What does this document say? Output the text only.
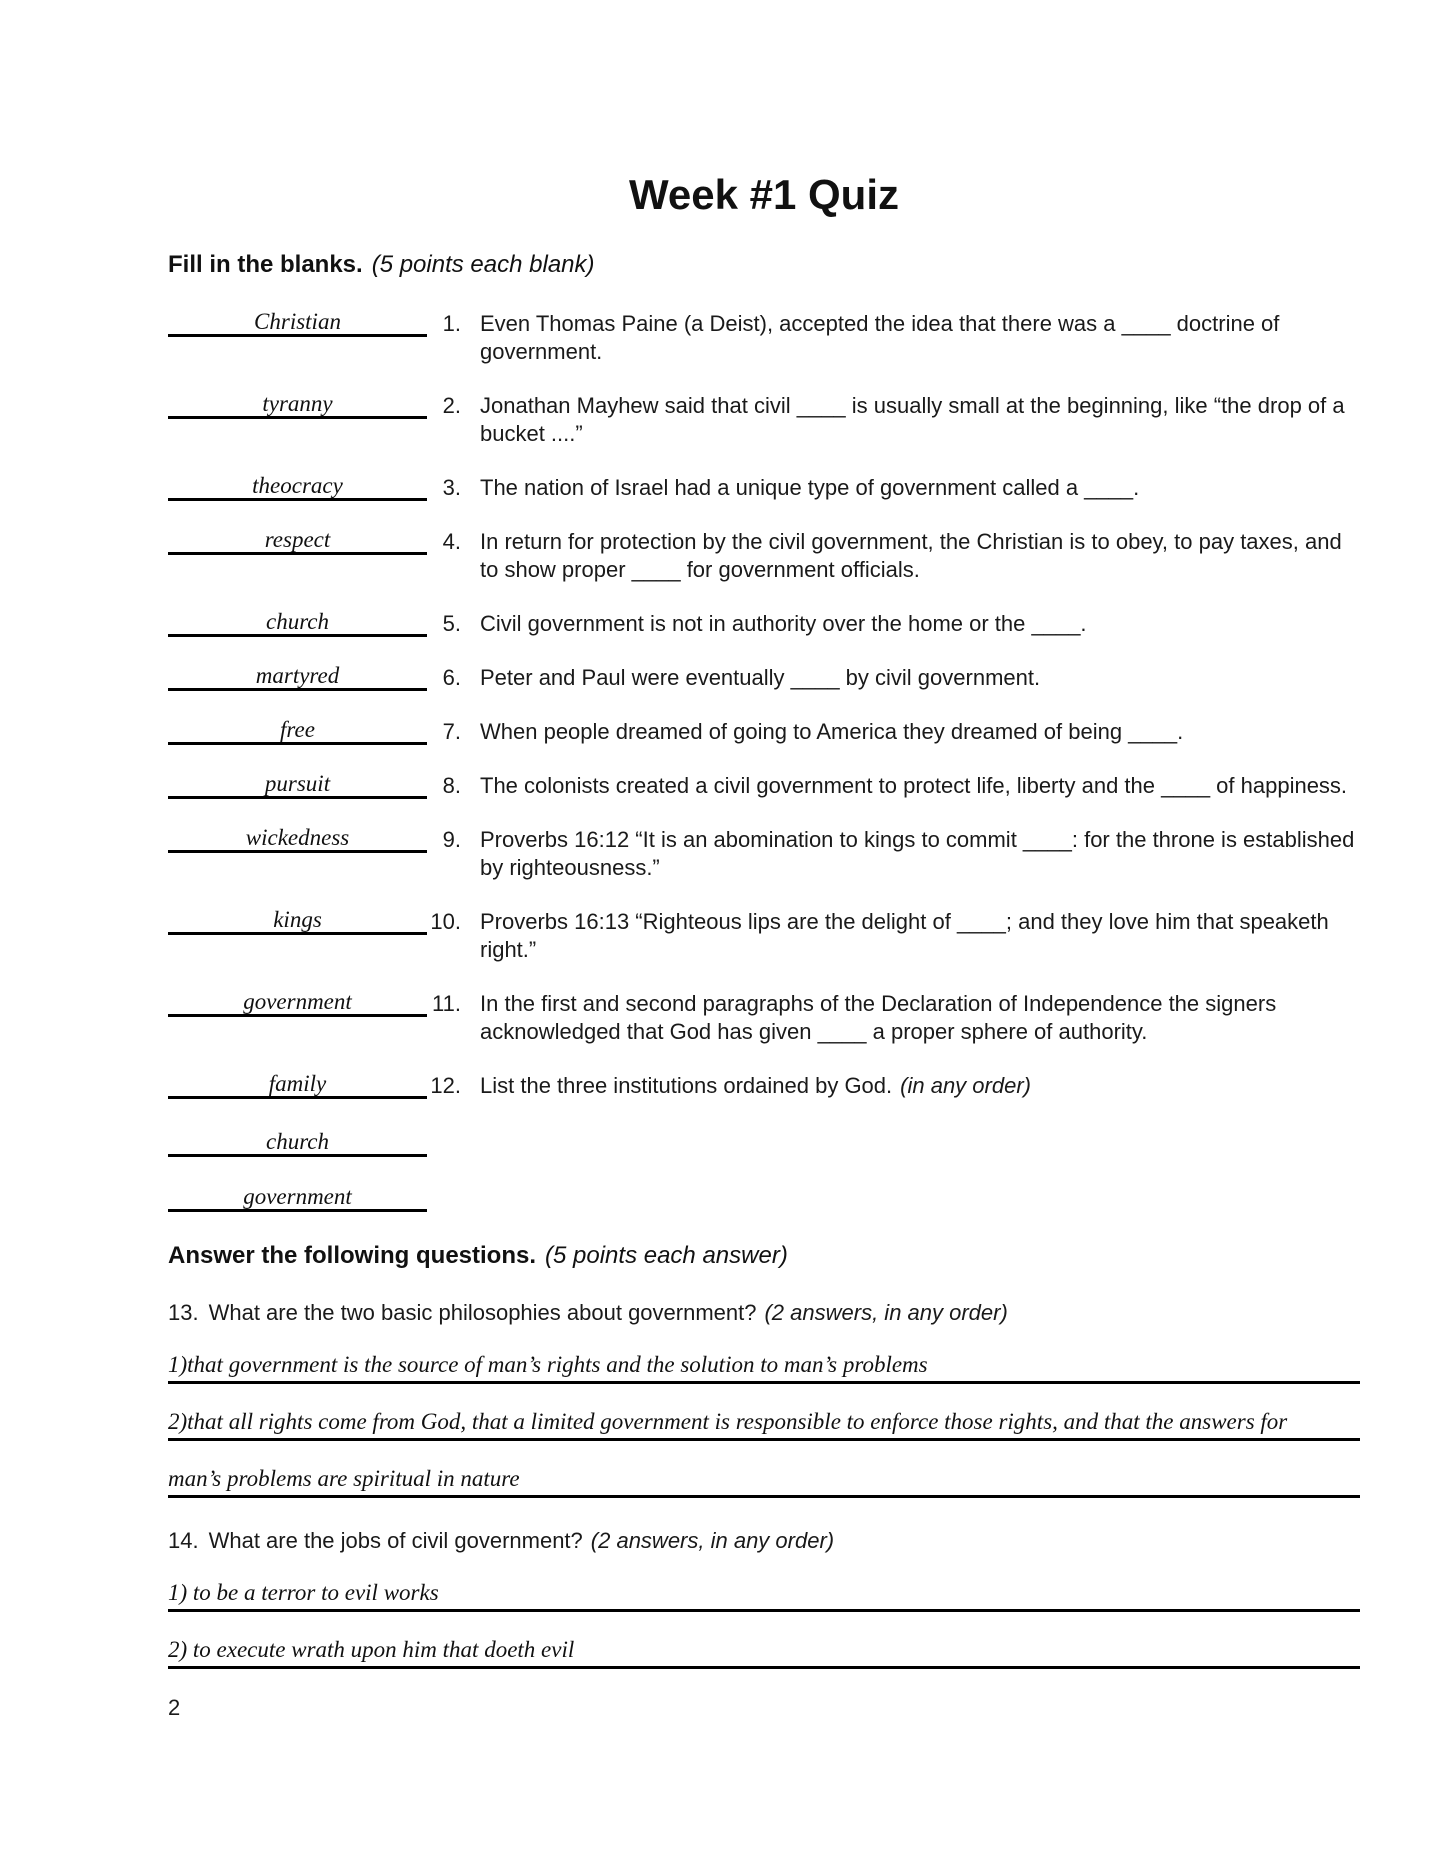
Week #1 Quiz
Fill in the blanks. (5 points each blank)
Christian	1. Even Thomas Paine (a Deist), accepted the idea that there was a ____ doctrine of government.
tyranny	2. Jonathan Mayhew said that civil ____ is usually small at the beginning, like “the drop of a bucket ....”
theocracy	3. The nation of Israel had a unique type of government called a ____.
respect	4. In return for protection by the civil government, the Christian is to obey, to pay taxes, and to show proper ____ for government officials.
church	5. Civil government is not in authority over the home or the ____.
martyred	6. Peter and Paul were eventually ____ by civil government.
free	7. When people dreamed of going to America they dreamed of being ____.
pursuit	8. The colonists created a civil government to protect life, liberty and the ____ of happiness.
wickedness	9. Proverbs 16:12 “It is an abomination to kings to commit ____: for the throne is established by righteousness.”
kings	10. Proverbs 16:13 “Righteous lips are the delight of ____; and they love him that speaketh right.”
government	11. In the first and second paragraphs of the Declaration of Independence the signers acknowledged that God has given ____ a proper sphere of authority.
family	12. List the three institutions ordained by God. (in any order)
church
government
Answer the following questions. (5 points each answer)
13. What are the two basic philosophies about government? (2 answers, in any order)
1)that government is the source of man’s rights and the solution to man’s problems
2)that all rights come from God, that a limited government is responsible to enforce those rights, and that the answers for
man’s problems are spiritual in nature
14. What are the jobs of civil government? (2 answers, in any order)
1) to be a terror to evil works
2) to execute wrath upon him that doeth evil
2
